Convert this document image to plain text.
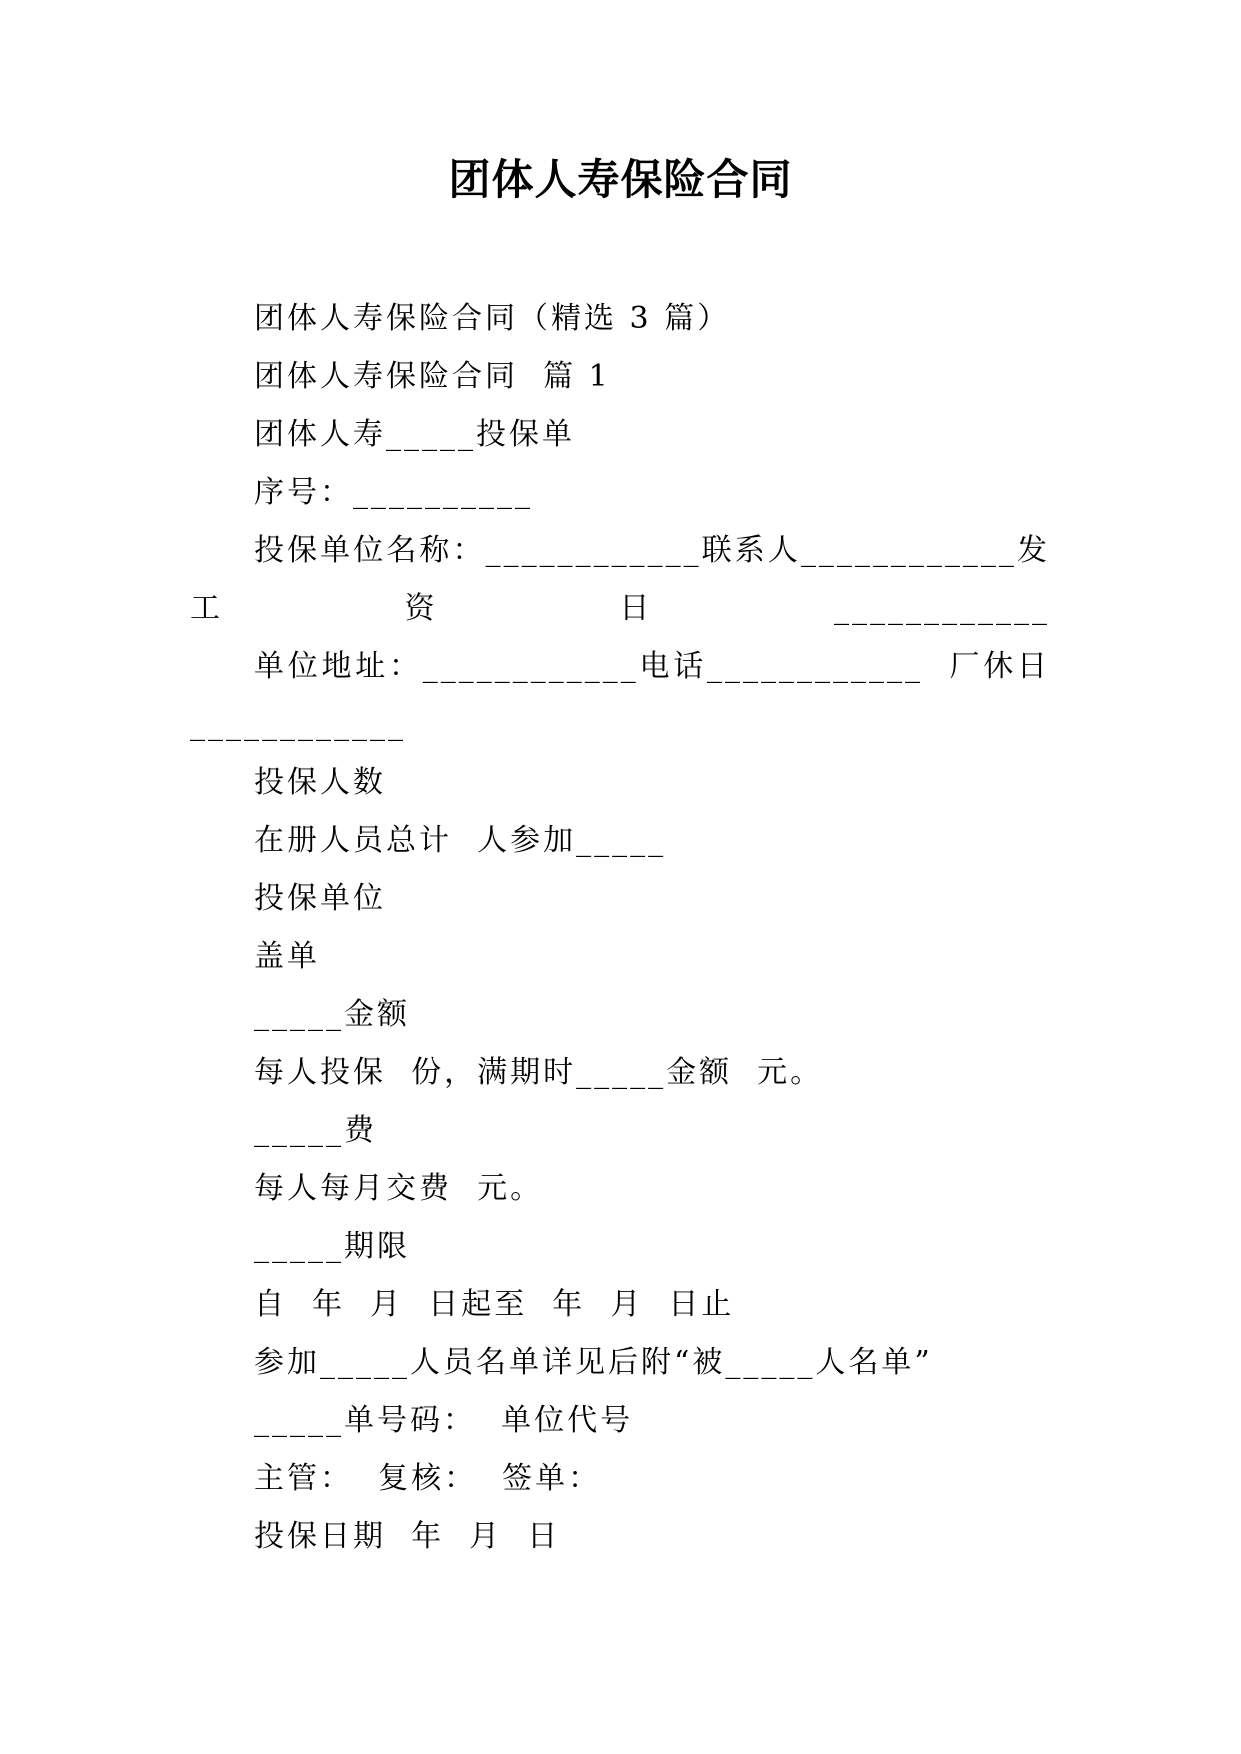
团体人寿保险合同

团体人寿保险合同（精选 3 篇）

团体人寿保险合同  篇 1

团体人寿_____投保单

序号：__________

投保单位名称：____________联系人____________发工资日____________

单位地址：____________电话____________  厂休日____________

投保人数

在册人员总计  人参加_____

投保单位

盖单

_____金额

每人投保  份，满期时_____金额  元。

_____费

每人每月交费  元。

_____期限

自  年  月  日起至  年  月  日止

参加_____人员名单详见后附“被_____人名单”

_____单号码：  单位代号

主管：  复核：  签单：

投保日期  年  月  日
